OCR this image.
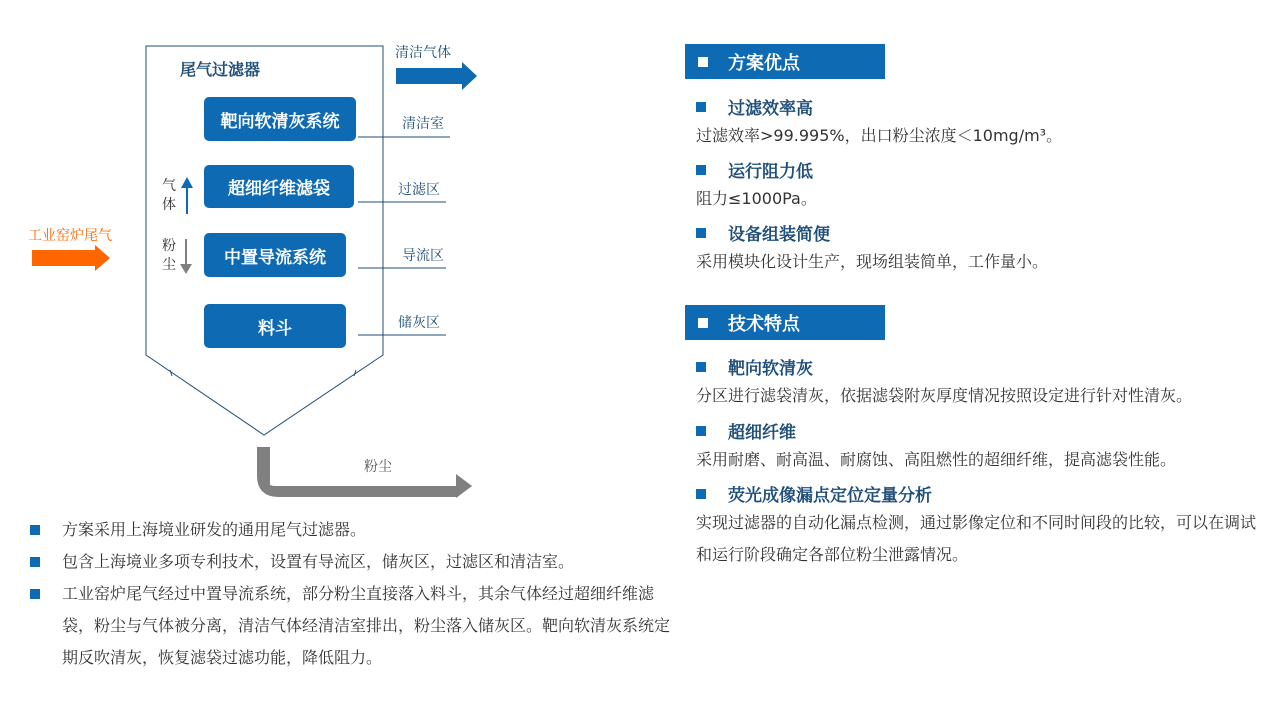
尾气过滤器
靶向软清灰系统
超细纤维滤袋
中置导流系统
料斗
清洁室
过滤区
导流区
储灰区
气
体
粉
尘
工业窑炉尾气
清洁气体
粉尘
方案采用上海境业研发的通用尾气过滤器。
包含上海境业多项专利技术，设置有导流区，储灰区，过滤区和清洁室。
工业窑炉尾气经过中置导流系统，部分粉尘直接落入料斗，其余气体经过超细纤维滤袋，粉尘与气体被分离，清洁气体经清洁室排出，粉尘落入储灰区。靶向软清灰系统定期反吹清灰，恢复滤袋过滤功能，降低阻力。
方案优点
过滤效率高
过滤效率>99.995%，出口粉尘浓度＜10mg/m³。
运行阻力低
阻力≤1000Pa。
设备组装简便
采用模块化设计生产，现场组装简单，工作量小。
技术特点
靶向软清灰
分区进行滤袋清灰，依据滤袋附灰厚度情况按照设定进行针对性清灰。
超细纤维
采用耐磨、耐高温、耐腐蚀、高阻燃性的超细纤维，提高滤袋性能。
荧光成像漏点定位定量分析
实现过滤器的自动化漏点检测，通过影像定位和不同时间段的比较，可以在调试和运行阶段确定各部位粉尘泄露情况。
